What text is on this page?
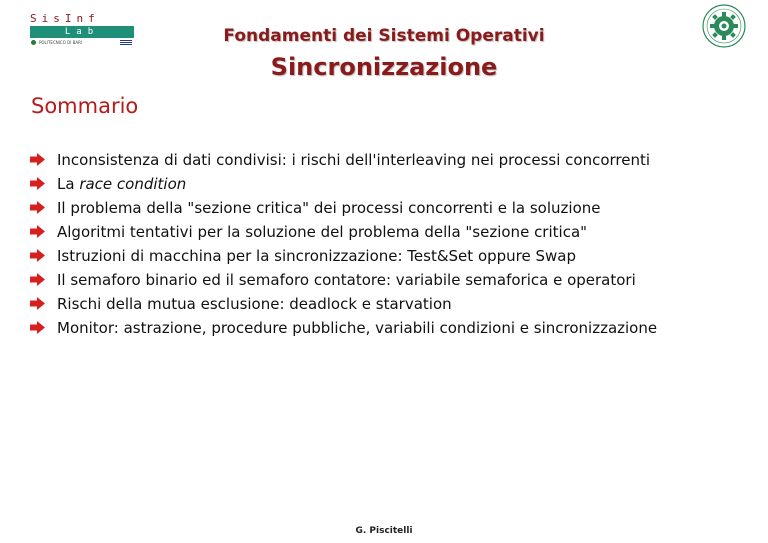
SisInf
Lab
POLITECNICO DI BARI	Fondamenti dei Sistemi Operativi
Sincronizzazione
Sommario
Inconsistenza di dati condivisi: i rischi dell'interleaving nei processi concorrenti
La race condition
Il problema della "sezione critica" dei processi concorrenti e la soluzione
Algoritmi tentativi per la soluzione del problema della "sezione critica"
Istruzioni di macchina per la sincronizzazione: Test&Set oppure Swap
Il semaforo binario ed il semaforo contatore: variabile semaforica e operatori
Rischi della mutua esclusione: deadlock e starvation
Monitor: astrazione, procedure pubbliche, variabili condizioni e sincronizzazione
G. Piscitelli
